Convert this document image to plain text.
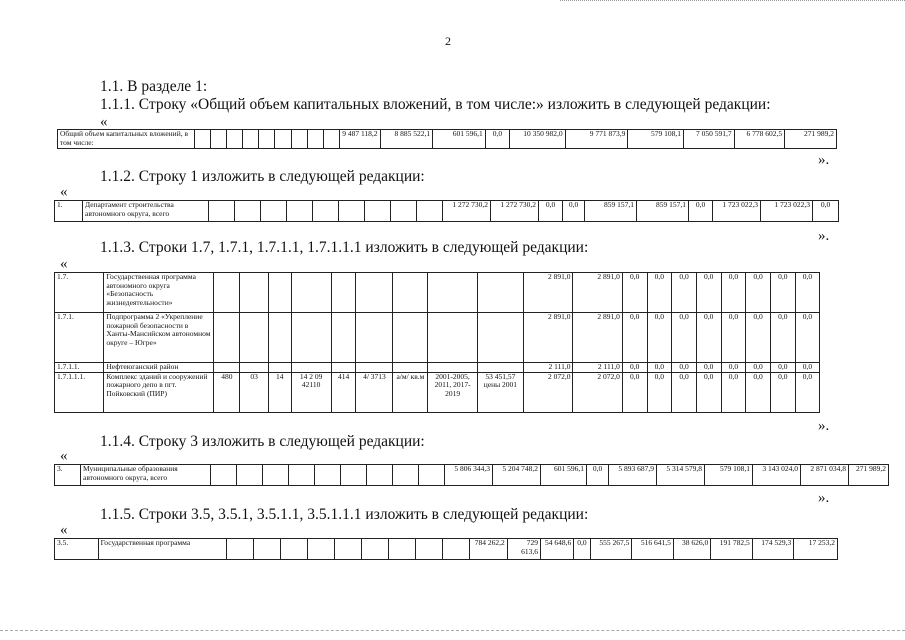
2
1.1. В разделе 1:
1.1.1. Строку «Общий объем капитальных вложений, в том числе:» изложить в следующей редакции:
«
Общий объем капитальных вложений, в том числе:										9 487 118,2	8 885 522,1	601 596,1	0,0	10 350 982,0	9 771 873,9	579 108,1	7 050 591,7	6 778 602,5	271 989,2
».
1.1.2. Строку 1 изложить в следующей редакции:
«
1.	Департамент строительства автономного округа, всего										1 272 730,2	1 272 730,2	0,0	0,0	859 157,1	859 157,1	0,0	1 723 022,3	1 723 022,3	0,0
».
1.1.3. Строки 1.7, 1.7.1, 1.7.1.1, 1.7.1.1.1 изложить в следующей редакции:
«
1.7.	Государственная программа автономного округа «Безопасность жизнедеятельности»										2 891,0	2 891,0	0,0	0,0	0,0	0,0	0,0	0,0	0,0	0,0
1.7.1.	Подпрограмма 2 «Укрепление пожарной безопасности в Ханты-Мансийском автономном округе – Югре»										2 891,0	2 891,0	0,0	0,0	0,0	0,0	0,0	0,0	0,0	0,0
1.7.1.1.	Нефтеюганский район										2 111,0	2 111,0	0,0	0,0	0,0	0,0	0,0	0,0	0,0	0,0
1.7.1.1.1.	Комплекс зданий и сооружений пожарного депо в пгт. Пойковский (ПИР)	480	03	14	14 2 09 42110	414	4/ 3713	а/м/ кв.м	2001-2005, 2011, 2017-2019	53 451,57 цены 2001	2 072,0	2 072,0	0,0	0,0	0,0	0,0	0,0	0,0	0,0	0,0
».
1.1.4. Строку 3 изложить в следующей редакции:
«
3.	Муниципальные образования автономного округа, всего										5 806 344,3	5 204 748,2	601 596,1	0,0	5 893 687,9	5 314 579,8	579 108,1	3 143 024,0	2 871 034,8	271 989,2
».
1.1.5. Строки 3.5, 3.5.1, 3.5.1.1, 3.5.1.1.1 изложить в следующей редакции:
«
3.5.	Государственная программа										784 262,2	729 613,6	54 648,6	0,0	555 267,5	516 641,5	38 626,0	191 782,5	174 529,3	17 253,2
